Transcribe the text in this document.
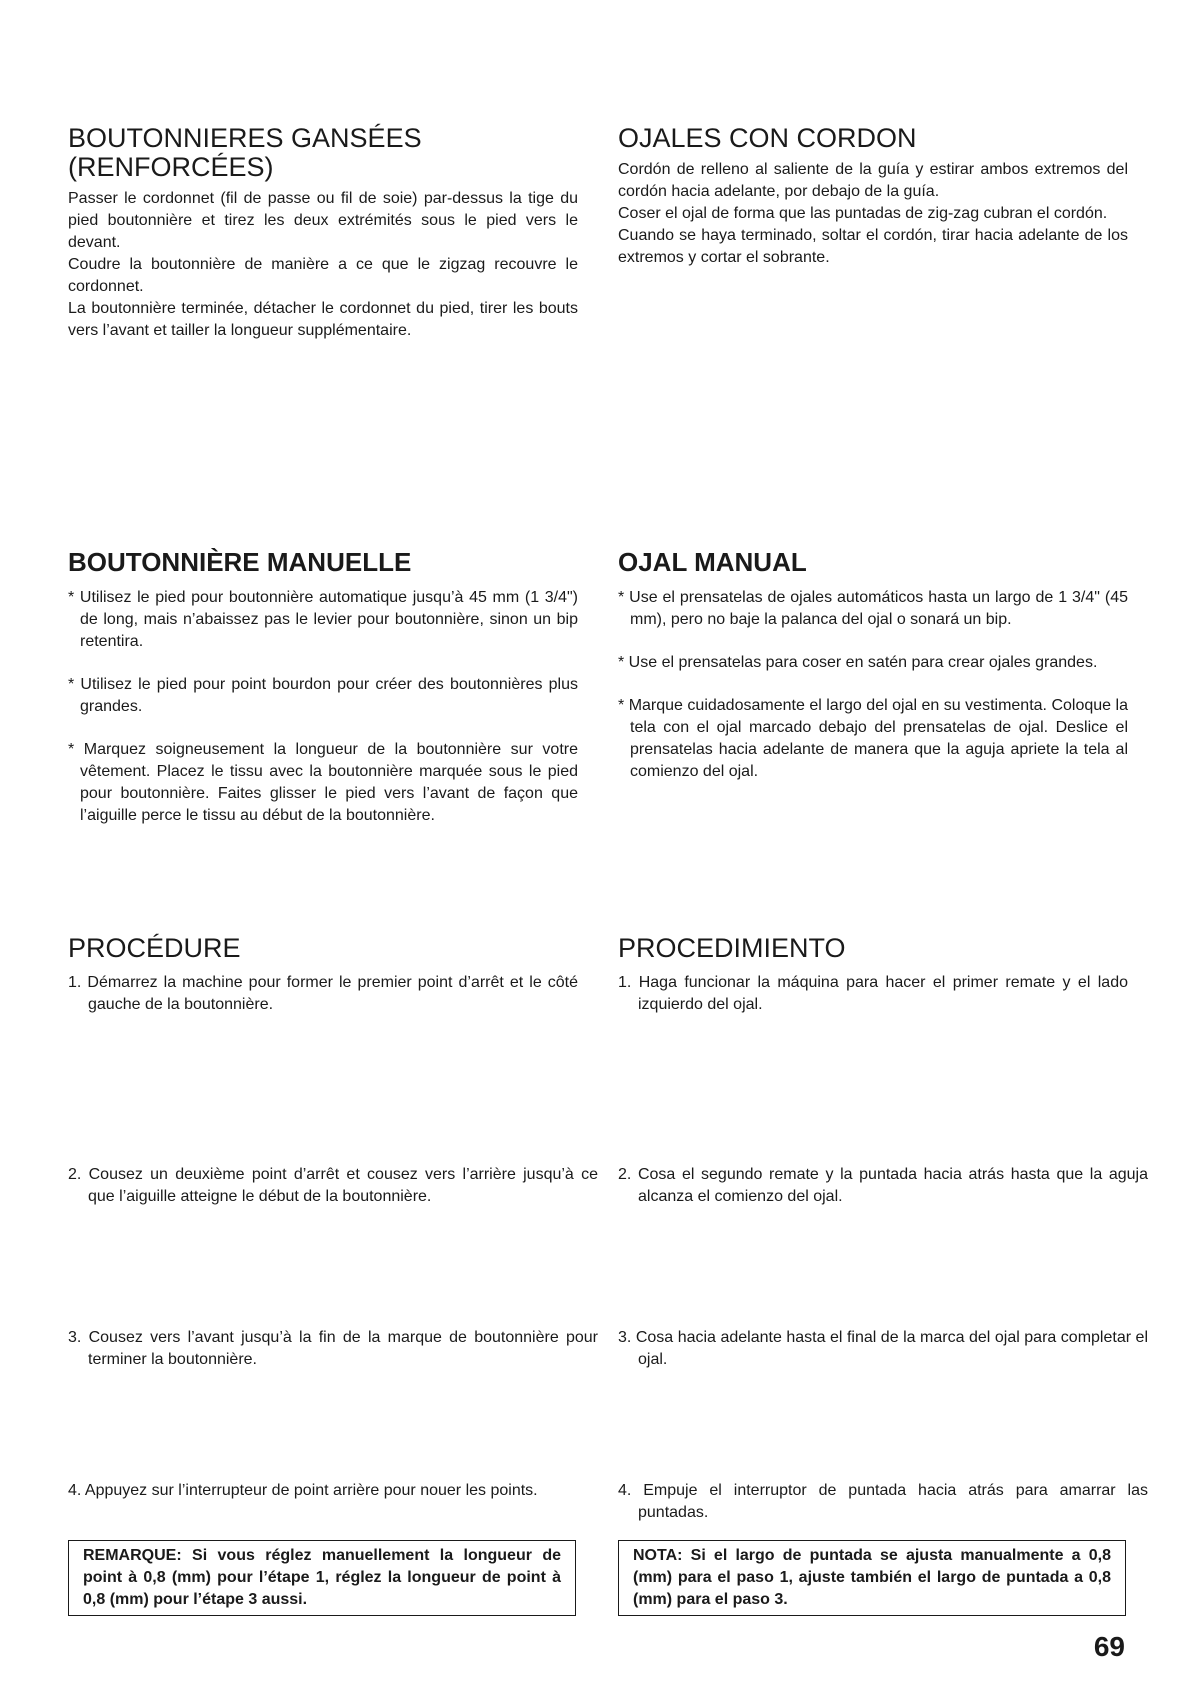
BOUTONNIERES GANSÉES
(RENFORCÉES)

Passer le cordonnet (fil de passe ou fil de soie) par-dessus la tige du pied boutonnière et tirez les deux extrémités sous le pied vers le devant.

Coudre la boutonnière de manière a ce que le zigzag recouvre le cordonnet.

La boutonnière terminée, détacher le cordonnet du pied, tirer les bouts vers l’avant et tailler la longueur supplémentaire.

OJALES CON CORDON

Cordón de relleno al saliente de la guía y estirar ambos extremos del cordón hacia adelante, por debajo de la guía.

Coser el ojal de forma que las puntadas de zig-zag cubran el cordón.

Cuando se haya terminado, soltar el cordón, tirar hacia adelante de los extremos y cortar el sobrante.

BOUTONNIÈRE MANUELLE

* Utilisez le pied pour boutonnière automatique jusqu’à 45 mm (1 3/4") de long, mais n’abaissez pas le levier pour boutonnière, sinon un bip retentira.

* Utilisez le pied pour point bourdon pour créer des boutonnières plus grandes.

* Marquez soigneusement la longueur de la boutonnière sur votre vêtement. Placez le tissu avec la boutonnière marquée sous le pied pour boutonnière. Faites glisser le pied vers l’avant de façon que l’aiguille perce le tissu au début de la boutonnière.

OJAL MANUAL

* Use el prensatelas de ojales automáticos hasta un largo de 1 3/4" (45 mm), pero no baje la palanca del ojal o sonará un bip.

* Use el prensatelas para coser en satén para crear ojales grandes.

* Marque cuidadosamente el largo del ojal en su vestimenta. Coloque la tela con el ojal marcado debajo del prensatelas de ojal. Deslice el prensatelas hacia adelante de manera que la aguja apriete la tela al comienzo del ojal.

PROCÉDURE

1. Démarrez la machine pour former le premier point d’arrêt et le côté gauche de la boutonnière.

PROCEDIMIENTO

1. Haga funcionar la máquina para hacer el primer remate y el lado izquierdo del ojal.

2. Cousez un deuxième point d’arrêt et cousez vers l’arrière jusqu’à ce que l’aiguille atteigne le début de la boutonnière.

2. Cosa el segundo remate y la puntada hacia atrás hasta que la aguja alcanza el comienzo del ojal.

3. Cousez vers l’avant jusqu’à la fin de la marque de boutonnière pour terminer la boutonnière.

3. Cosa hacia adelante hasta el final de la marca del ojal para completar el ojal.

4. Appuyez sur l’interrupteur de point arrière pour nouer les points.	4. Empuje el interruptor de puntada hacia atrás para amarrar las puntadas.

REMARQUE: Si vous réglez manuellement la longueur de point à 0,8 (mm) pour l’étape 1, réglez la longueur de point à 0,8 (mm) pour l’étape 3 aussi.
NOTA: Si el largo de puntada se ajusta manualmente a 0,8 (mm) para el paso 1, ajuste también el largo de puntada a 0,8 (mm) para el paso 3.
69
